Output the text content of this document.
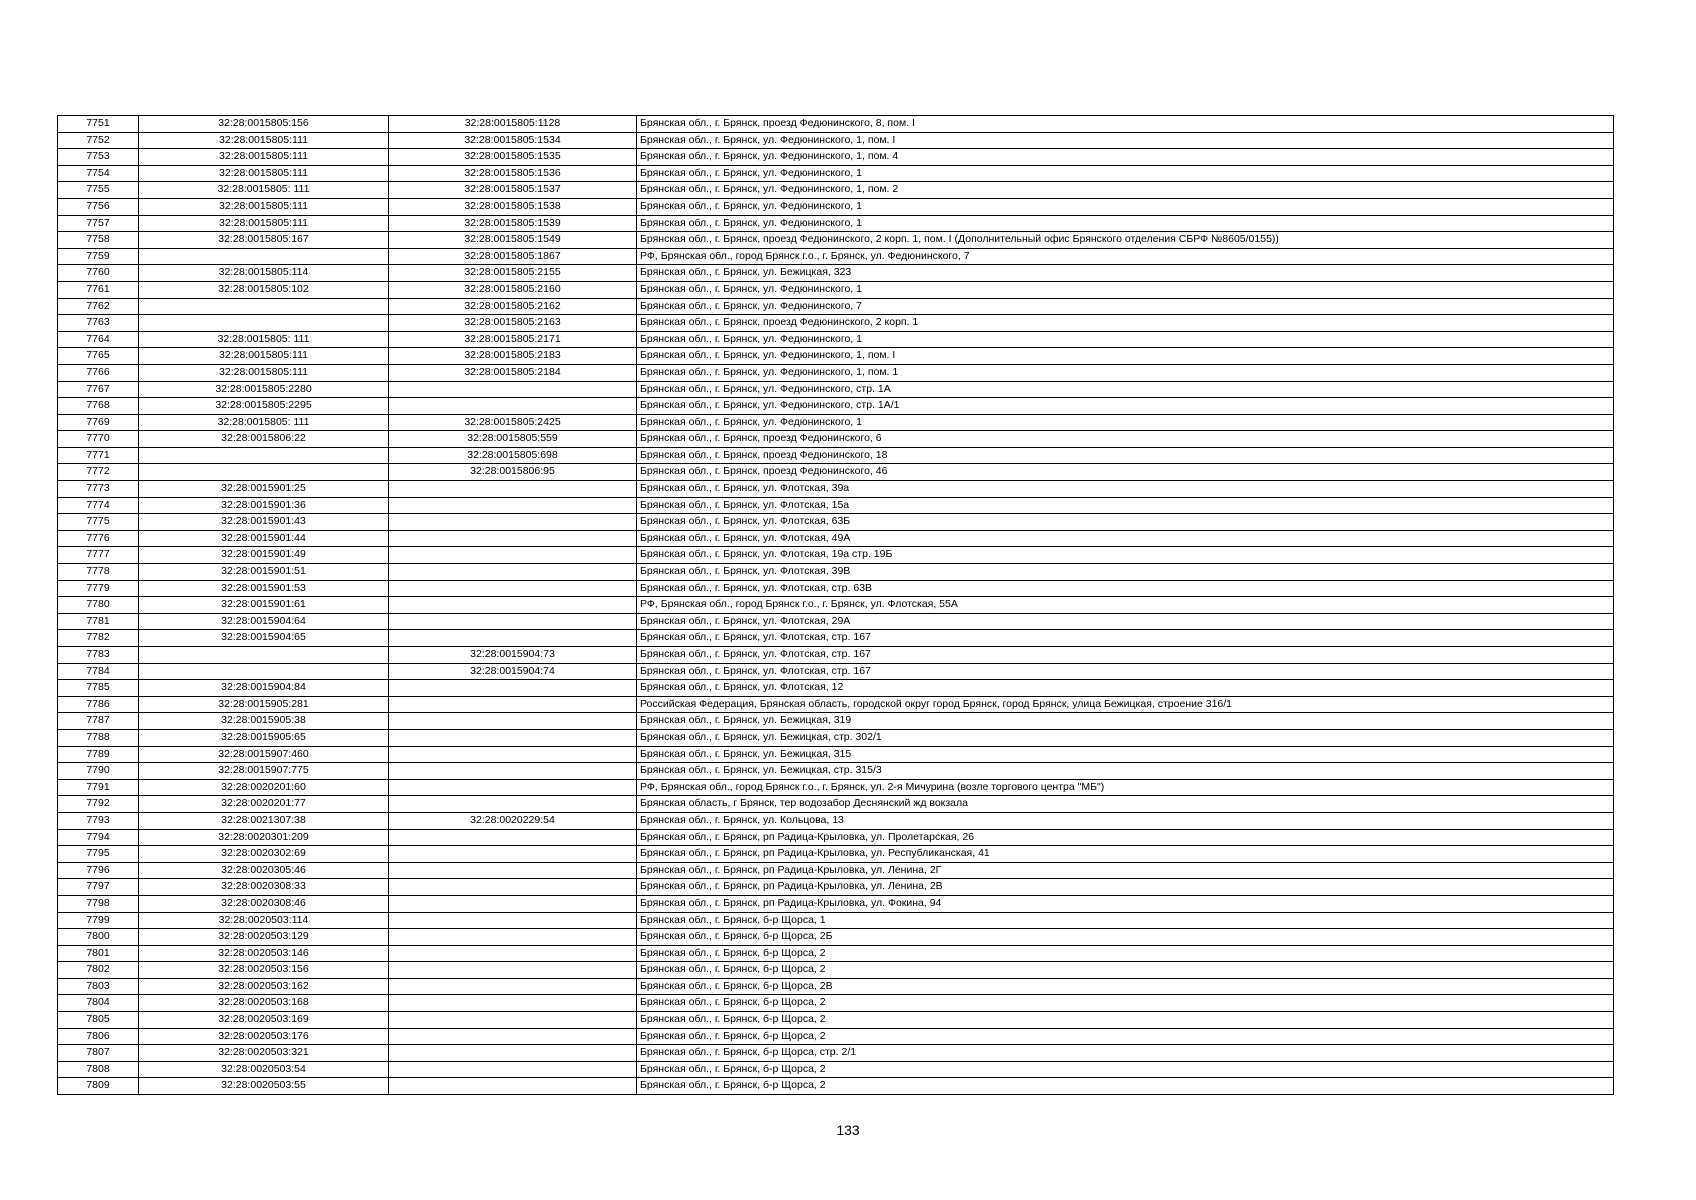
7751	32:28:0015805:156	32:28:0015805:1128	Брянская обл., г. Брянск, проезд Федюнинского, 8, пом. I
7752	32:28:0015805:111	32:28:0015805:1534	Брянская обл., г. Брянск, ул. Федюнинского, 1, пом. I
7753	32:28:0015805:111	32:28:0015805:1535	Брянская обл., г. Брянск, ул. Федюнинского, 1, пом. 4
7754	32:28:0015805:111	32:28:0015805:1536	Брянская обл., г. Брянск, ул. Федюнинского, 1
7755	32:28:0015805: 111	32:28:0015805:1537	Брянская обл., г. Брянск, ул. Федюнинского, 1, пом. 2
7756	32:28:0015805:111	32:28:0015805:1538	Брянская обл., г. Брянск, ул. Федюнинского, 1
7757	32:28:0015805:111	32:28:0015805:1539	Брянская обл., г. Брянск, ул. Федюнинского, 1
7758	32:28:0015805:167	32:28:0015805:1549	Брянская обл., г. Брянск, проезд Федюнинского, 2 корп. 1, пом. I (Дополнительный офис Брянского отделения СБРФ №8605/0155))
7759		32:28:0015805:1867	РФ, Брянская обл., город Брянск г.о., г. Брянск, ул. Федюнинского, 7
7760	32:28:0015805:114	32:28:0015805:2155	Брянская обл., г. Брянск, ул. Бежицкая, 323
7761	32:28:0015805:102	32:28:0015805:2160	Брянская обл., г. Брянск, ул. Федюнинского, 1
7762		32:28:0015805:2162	Брянская обл., г. Брянск, ул. Федюнинского, 7
7763		32:28:0015805:2163	Брянская обл., г. Брянск, проезд Федюнинского, 2 корп. 1
7764	32:28:0015805: 111	32:28:0015805:2171	Брянская обл., г. Брянск, ул. Федюнинского, 1
7765	32:28:0015805:111	32:28:0015805:2183	Брянская обл., г. Брянск, ул. Федюнинского, 1, пом. I
7766	32:28:0015805:111	32:28:0015805:2184	Брянская обл., г. Брянск, ул. Федюнинского, 1, пом. 1
7767	32:28:0015805:2280		Брянская обл., г. Брянск, ул. Федюнинского, стр. 1А
7768	32:28:0015805:2295		Брянская обл., г. Брянск, ул. Федюнинского, стр. 1А/1
7769	32:28:0015805: 111	32:28:0015805:2425	Брянская обл., г. Брянск, ул. Федюнинского, 1
7770	32:28:0015806:22	32:28:0015805:559	Брянская обл., г. Брянск, проезд Федюнинского, 6
7771		32:28:0015805:698	Брянская обл., г. Брянск, проезд Федюнинского, 18
7772		32:28:0015806:95	Брянская обл., г. Брянск, проезд Федюнинского, 46
7773	32:28:0015901:25		Брянская обл., г. Брянск, ул. Флотская, 39а
7774	32:28:0015901:36		Брянская обл., г. Брянск, ул. Флотская, 15а
7775	32:28:0015901:43		Брянская обл., г. Брянск, ул. Флотская, 63Б
7776	32:28:0015901:44		Брянская обл., г. Брянск, ул. Флотская, 49А
7777	32:28:0015901:49		Брянская обл., г. Брянск, ул. Флотская, 19а стр. 19Б
7778	32:28:0015901:51		Брянская обл., г. Брянск, ул. Флотская, 39В
7779	32:28:0015901:53		Брянская обл., г. Брянск, ул. Флотская, стр. 63В
7780	32:28:0015901:61		РФ, Брянская обл., город Брянск г.о., г. Брянск, ул. Флотская, 55А
7781	32:28:0015904:64		Брянская обл., г. Брянск, ул. Флотская, 29А
7782	32:28:0015904:65		Брянская обл., г. Брянск, ул. Флотская, стр. 167
7783		32:28:0015904:73	Брянская обл., г. Брянск, ул. Флотская, стр. 167
7784		32:28:0015904:74	Брянская обл., г. Брянск, ул. Флотская, стр. 167
7785	32:28:0015904:84		Брянская обл., г. Брянск, ул. Флотская, 12
7786	32:28:0015905:281		Российская Федерация, Брянская область, городской округ город Брянск, город Брянск, улица Бежицкая, строение 316/1
7787	32:28:0015905:38		Брянская обл., г. Брянск, ул. Бежицкая, 319
7788	32:28:0015905:65		Брянская обл., г. Брянск, ул. Бежицкая, стр. 302/1
7789	32:28:0015907:460		Брянская обл., г. Брянск, ул. Бежицкая, 315
7790	32:28:0015907:775		Брянская обл., г. Брянск, ул. Бежицкая, стр. 315/3
7791	32:28:0020201:60		РФ, Брянская обл., город Брянск г.о., г. Брянск, ул. 2-я Мичурина (возле торгового центра "МБ")
7792	32:28:0020201:77		Брянская область, г Брянск, тер водозабор Деснянский жд вокзала
7793	32:28:0021307:38	32:28:0020229:54	Брянская обл., г. Брянск, ул. Кольцова, 13
7794	32:28:0020301:209		Брянская обл., г. Брянск, рп Радица-Крыловка, ул. Пролетарская, 26
7795	32:28:0020302:69		Брянская обл., г. Брянск, рп Радица-Крыловка, ул. Республиканская, 41
7796	32:28:0020305:46		Брянская обл., г. Брянск, рп Радица-Крыловка, ул. Ленина, 2Г
7797	32:28:0020308:33		Брянская обл., г. Брянск, рп Радица-Крыловка, ул. Ленина, 2В
7798	32:28:0020308:46		Брянская обл., г. Брянск, рп Радица-Крыловка, ул. Фокина, 94
7799	32:28:0020503:114		Брянская обл., г. Брянск, б-р Щорса, 1
7800	32:28:0020503:129		Брянская обл., г. Брянск, б-р Щорса, 2Б
7801	32:28:0020503:146		Брянская обл., г. Брянск, б-р Щорса, 2
7802	32:28:0020503:156		Брянская обл., г. Брянск, б-р Щорса, 2
7803	32:28:0020503:162		Брянская обл., г. Брянск, б-р Щорса, 2В
7804	32:28:0020503:168		Брянская обл., г. Брянск, б-р Щорса, 2
7805	32:28:0020503:169		Брянская обл., г. Брянск, б-р Щорса, 2
7806	32:28:0020503:176		Брянская обл., г. Брянск, б-р Щорса, 2
7807	32:28:0020503:321		Брянская обл., г. Брянск, б-р Щорса, стр. 2/1
7808	32:28:0020503:54		Брянская обл., г. Брянск, б-р Щорса, 2
7809	32:28:0020503:55		Брянская обл., г. Брянск, б-р Щорса, 2
133
